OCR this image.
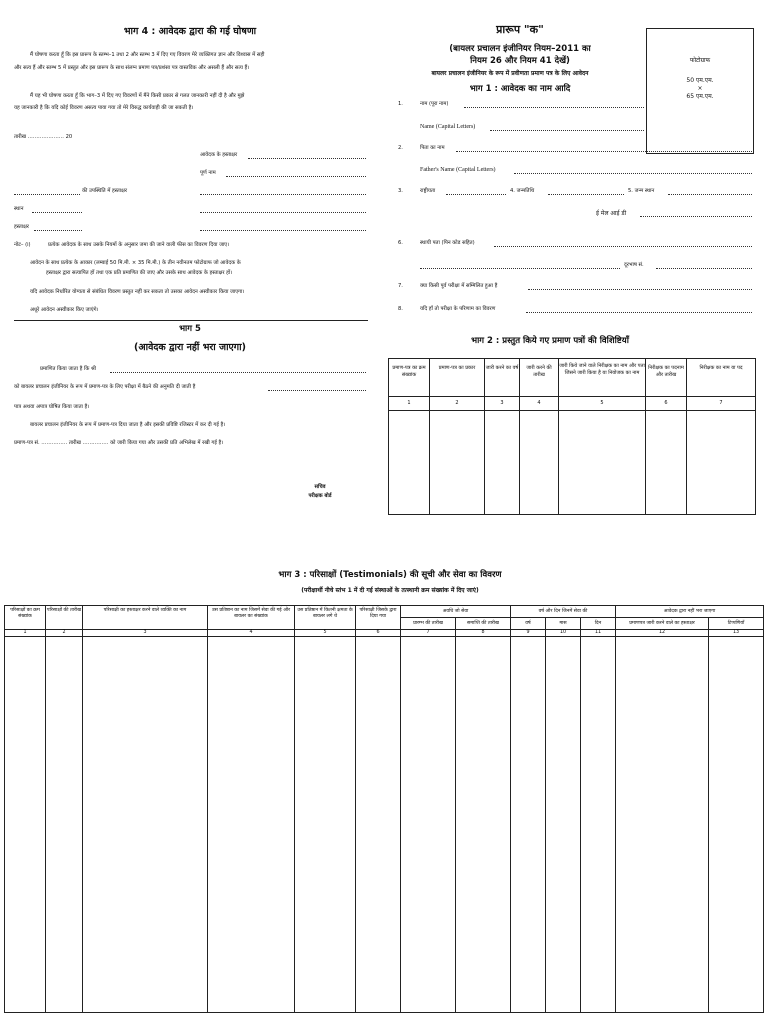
भाग 4 : आवेदक द्वारा की गई घोषणा
मैं घोषणा करता हूँ कि इस प्रारूप के स्तम्भ–1 तथा 2 और स्तम्भ 3 में दिए गए विवरण मेरे व्यक्तिगत ज्ञान और विश्वास में सही
और सत्य हैं और स्तम्भ 5 में प्रस्तुत और इस प्रारूप के साथ संलग्न प्रमाण पत्र/प्रशंसा पत्र वास्तविक और असली हैं और सत्य हैं।
मैं यह भी घोषणा करता हूँ कि भाग–3 में दिए गए विवरणों में मैंने किसी प्रकार से गलत जानकारी नहीं दी है और मुझे
यह जानकारी है कि यदि कोई विवरण असत्य पाया गया तो मेरे विरुद्ध कार्यवाही की जा सकती है।
तारीख ………………… 20
आवेदक के हस्ताक्षर
पूर्ण नाम
की उपस्थिति में हस्ताक्षर
स्थान
हस्ताक्षर
नोट– (i)	प्रत्येक आवेदक के साथ उसके नियमों के अनुसार जमा की जाने वाली फीस का विवरण दिया जाए।
आवेदन के साथ प्रत्येक के आकार (लम्बाई 50 मि.मी. × 35 मि.मी.) के तीन नवीनतम फोटोग्राफ जो आवेदक के
हस्ताक्षर द्वारा सत्यापित हों तथा एक प्रति प्रमाणित की जाए और उसके साथ आवेदक के हस्ताक्षर हों।
यदि आवेदक निर्धारित योग्यता से संबंधित विवरण प्रस्तुत नहीं कर सकता तो उसका आवेदन अस्वीकार किया जाएगा।
अधूरे आवेदन अस्वीकार किए जाएंगे।
भाग 5
(आवेदक द्वारा नहीं भरा जाएगा)
प्रमाणित किया जाता है कि श्री
को बायलर प्रचालन इंजीनियर के रूप में प्रमाण-पत्र के लिए परीक्षा में बैठने की अनुमति दी जाती है
पात्र अथवा अपात्र घोषित किया जाता है।
बायलर प्रचालन इंजीनियर के रूप में प्रमाण-पत्र दिया जाता है और इसकी प्रविष्टि रजिस्टर में कर दी गई है।
प्रमाण-पत्र सं. …………… तारीख …………… को जारी किया गया और उसकी प्रति अभिलेख में रखी गई है।
सचिव
परीक्षक बोर्ड
प्रारूप "क"
(बायलर प्रचालन इंजीनियर नियम–2011 का
नियम 26 और नियम 41 देखें)
बायलर प्रचालन इंजीनियर के रूप में प्रवीणता प्रमाण पत्र के लिए आवेदन
भाग 1 : आवेदक का नाम आदि
फोटोग्राफ
50 एम.एम.
×
65 एम.एम.
1.	नाम (पूरा नाम)
Name (Capital Letters)
2.	पिता का नाम
Father's Name (Capital Letters)
3.	राष्ट्रीयता	4. जन्मतिथि	5. जन्म स्थान
ई मेल आई डी
6.	स्थायी पता (पिन कोड सहित)
दूरभाष सं.
7.	क्या किसी पूर्व परीक्षा में सम्मिलित हुआ है
8.	यदि हाँ तो परीक्षा के परिणाम का विवरण
भाग 2 : प्रस्तुत किये गए प्रमाण पत्रों की विशिष्टियाँ
प्रमाण-पत्र का क्रम संख्यांक	प्रमाण-पत्र का प्रकार	जारी करने का वर्ष	जारी करने की तारीख	जारी किये जाने वाले निरीक्षक का नाम और पता जिसने जारी किया है या नियोजक का नाम	निरीक्षक का पदनाम और तारीख	निरीक्षक का नाम या पद
1	2	3	4	5	6	7

भाग 3 : परिसाक्षों (Testimonials) की सूची और सेवा का विवरण
(परीक्षार्थी नीचे स्तंभ 1 में दी गई संस्थाओं के तत्स्थानी क्रम संख्यांक में दिए जाएं)
परिसाक्षों का क्रम संख्यांक	परिसाक्षों की तारीख	परिसाक्षी का हस्ताक्षर करने वाले व्यक्ति का नाम	उस प्रतिष्ठान का नाम जिसमें सेवा की गई और बायलर का संख्यांक	उस प्रतिष्ठान में कितनी क्षमता के बायलर लगे थे	परिसाक्षी जिसके द्वारा दिया गया	अवधि जो सेवा		वर्ष और दिन जिनमें सेवा की			आवेदक द्वारा नहीं भरा जाएगा	
						प्रारम्भ की तारीख	समाप्ति की तारीख	वर्ष	मास	दिन	प्रमाणपत्र जारी करने वाले का हस्ताक्षर	टिप्पणियाँ
1	2	3	4	5	6	7	8	9	10	11	12	13
